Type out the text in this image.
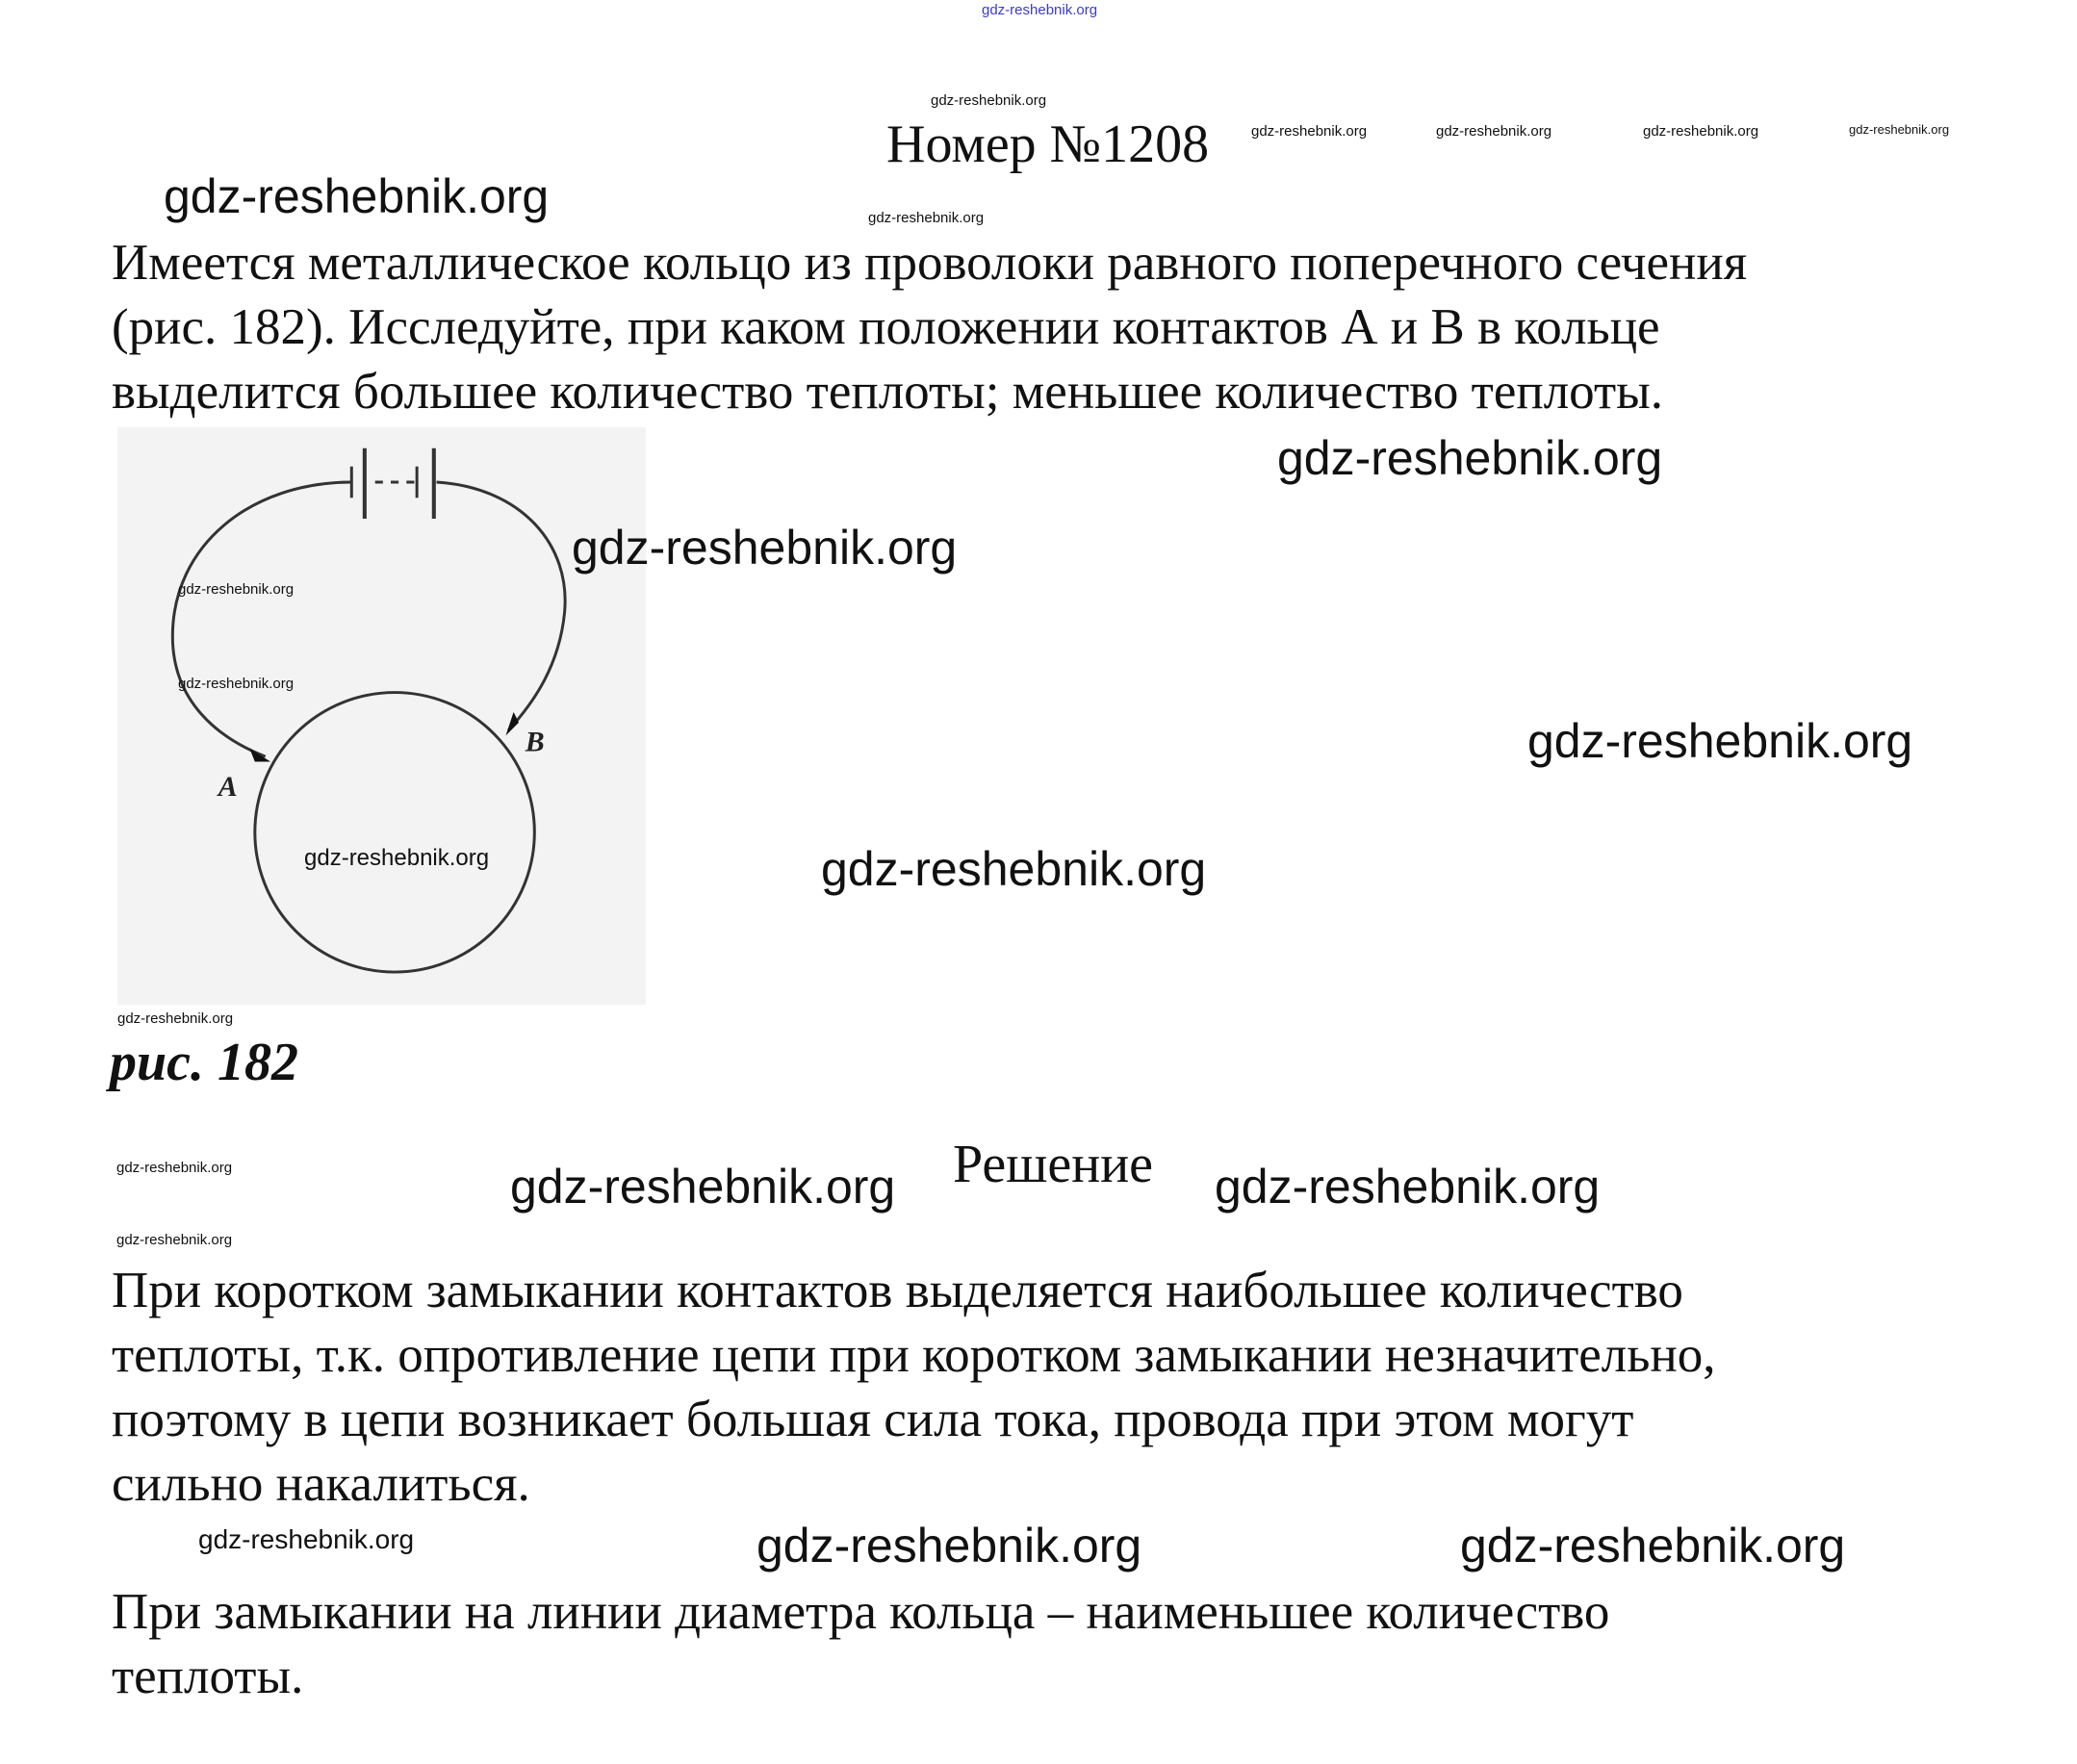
gdz-reshebnik.org
Номер №1208
gdz-reshebnik.org
gdz-reshebnik.org	gdz-reshebnik.org	gdz-reshebnik.org	gdz-reshebnik.org
gdz-reshebnik.org	gdz-reshebnik.org
Имеется металлическое кольцо из проволоки равного поперечного сечения
(рис. 182). Исследуйте, при каком положении контактов А и В в кольце
выделится большее количество теплоты; меньшее количество теплоты.
gdz-reshebnik.org
A
B
gdz-reshebnik.org
gdz-reshebnik.org
gdz-reshebnik.org
gdz-reshebnik.org
gdz-reshebnik.org
gdz-reshebnik.org
gdz-reshebnik.org
рис. 182
Решение
gdz-reshebnik.org	gdz-reshebnik.org	gdz-reshebnik.org
gdz-reshebnik.org
При коротком замыкании контактов выделяется наибольшее количество
теплоты, т.к. опротивление цепи при коротком замыкании незначительно,
поэтому в цепи возникает большая сила тока, провода при этом могут
сильно накалиться.
gdz-reshebnik.org	gdz-reshebnik.org	gdz-reshebnik.org
При замыкании на линии диаметра кольца – наименьшее количество
теплоты.
